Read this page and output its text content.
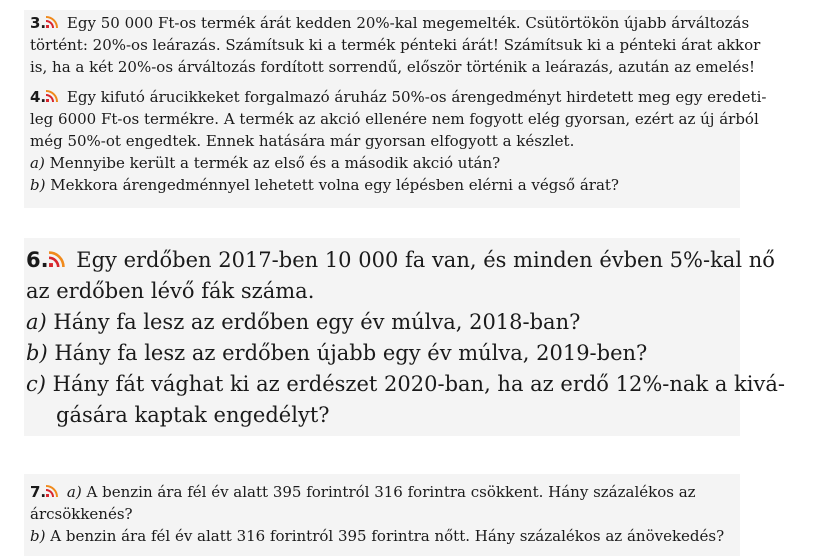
3. Egy 50 000 Ft-os termék árát kedden 20%-kal megemelték. Csütörtökön újabb árváltozás
történt: 20%-os leárazás. Számítsuk ki a termék pénteki árát! Számítsuk ki a pénteki árat akkor
is, ha a két 20%-os árváltozás fordított sorrendű, először történik a leárazás, azután az emelés!
4. Egy kifutó árucikkeket forgalmazó áruház 50%-os árengedményt hirdetett meg egy eredeti-
leg 6000 Ft-os termékre. A termék az akció ellenére nem fogyott elég gyorsan, ezért az új árból
még 50%-ot engedtek. Ennek hatására már gyorsan elfogyott a készlet.
a) Mennyibe került a termék az első és a második akció után?
b) Mekkora árengedménnyel lehetett volna egy lépésben elérni a végső árat?
6. Egy erdőben 2017-ben 10 000 fa van, és minden évben 5%-kal nő
az erdőben lévő fák száma.
a) Hány fa lesz az erdőben egy év múlva, 2018-ban?
b) Hány fa lesz az erdőben újabb egy év múlva, 2019-ben?
c) Hány fát vághat ki az erdészet 2020-ban, ha az erdő 12%-nak a kivá-
gására kaptak engedélyt?
7. a) A benzin ára fél év alatt 395 forintról 316 forintra csökkent. Hány százalékos az
árcsökkenés?
b) A benzin ára fél év alatt 316 forintról 395 forintra nőtt. Hány százalékos az ánövekedés?
